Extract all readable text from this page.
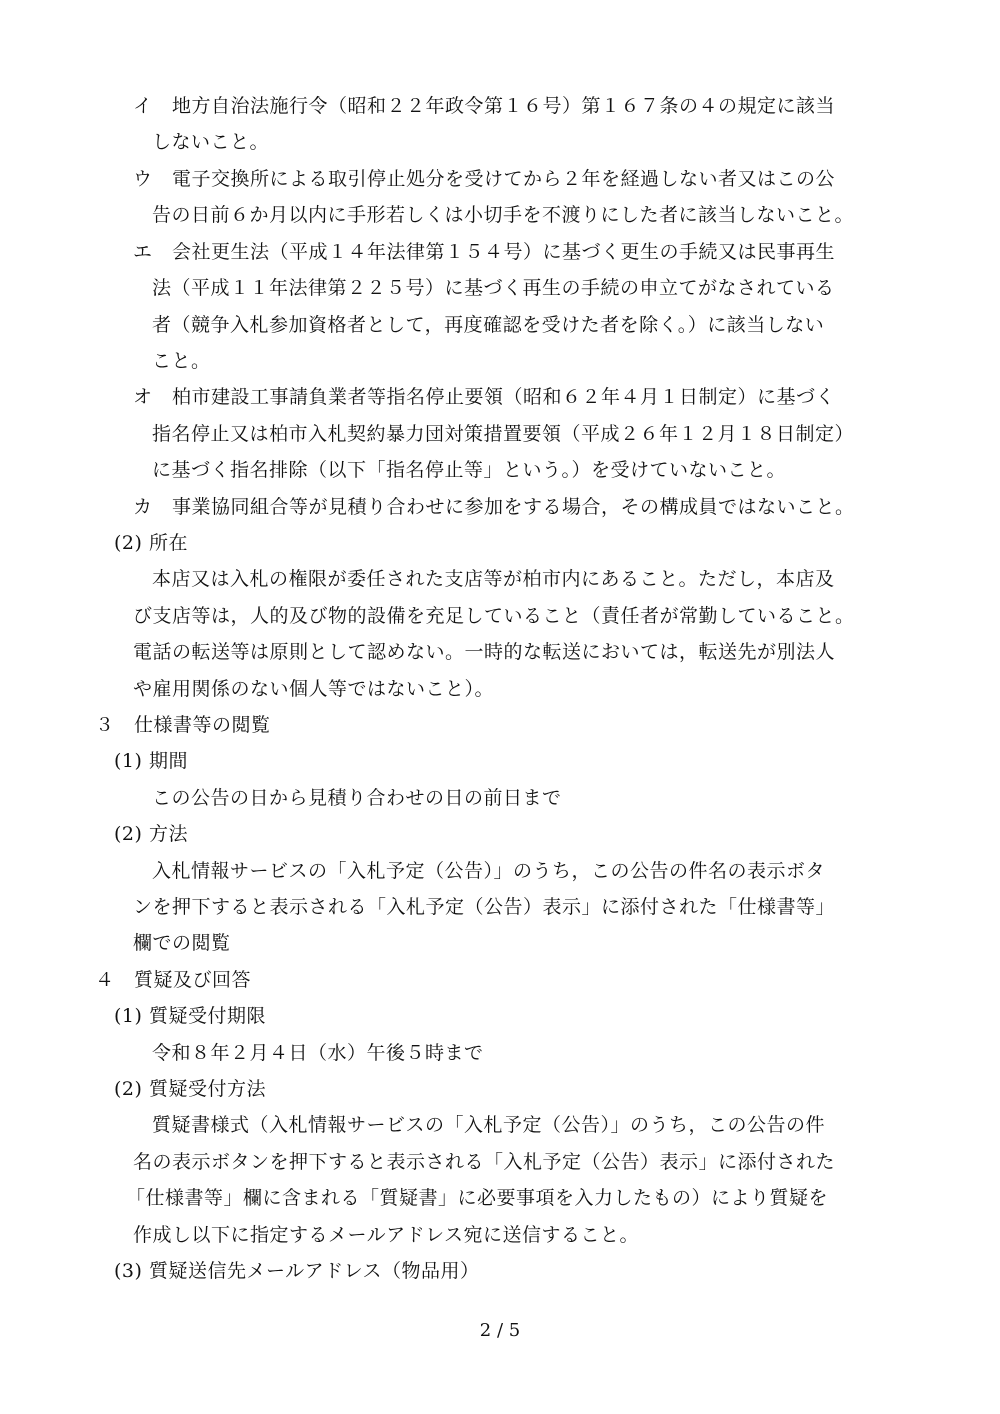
イ　地方自治法施行令（昭和２２年政令第１６号）第１６７条の４の規定に該当
しないこと。
ウ　電子交換所による取引停止処分を受けてから２年を経過しない者又はこの公
告の日前６か月以内に手形若しくは小切手を不渡りにした者に該当しないこと。
エ　会社更生法（平成１４年法律第１５４号）に基づく更生の手続又は民事再生
法（平成１１年法律第２２５号）に基づく再生の手続の申立てがなされている
者（競争入札参加資格者として，再度確認を受けた者を除く。）に該当しない
こと。
オ　柏市建設工事請負業者等指名停止要領（昭和６２年４月１日制定）に基づく
指名停止又は柏市入札契約暴力団対策措置要領（平成２６年１２月１８日制定）
に基づく指名排除（以下「指名停止等」という。）を受けていないこと。
カ　事業協同組合等が見積り合わせに参加をする場合，その構成員ではないこと。
(2) 所在
本店又は入札の権限が委任された支店等が柏市内にあること。ただし，本店及
び支店等は，人的及び物的設備を充足していること（責任者が常勤していること。
電話の転送等は原則として認めない。一時的な転送においては，転送先が別法人
や雇用関係のない個人等ではないこと）。
３　仕様書等の閲覧
(1) 期間
この公告の日から見積り合わせの日の前日まで
(2) 方法
入札情報サービスの「入札予定（公告）」のうち，この公告の件名の表示ボタ
ンを押下すると表示される「入札予定（公告）表示」に添付された「仕様書等」
欄での閲覧
４　質疑及び回答
(1) 質疑受付期限
令和８年２月４日（水）午後５時まで
(2) 質疑受付方法
質疑書様式（入札情報サービスの「入札予定（公告）」のうち，この公告の件
名の表示ボタンを押下すると表示される「入札予定（公告）表示」に添付された
「仕様書等」欄に含まれる「質疑書」に必要事項を入力したもの）により質疑を
作成し以下に指定するメールアドレス宛に送信すること。
(3) 質疑送信先メールアドレス（物品用）
2 / 5
